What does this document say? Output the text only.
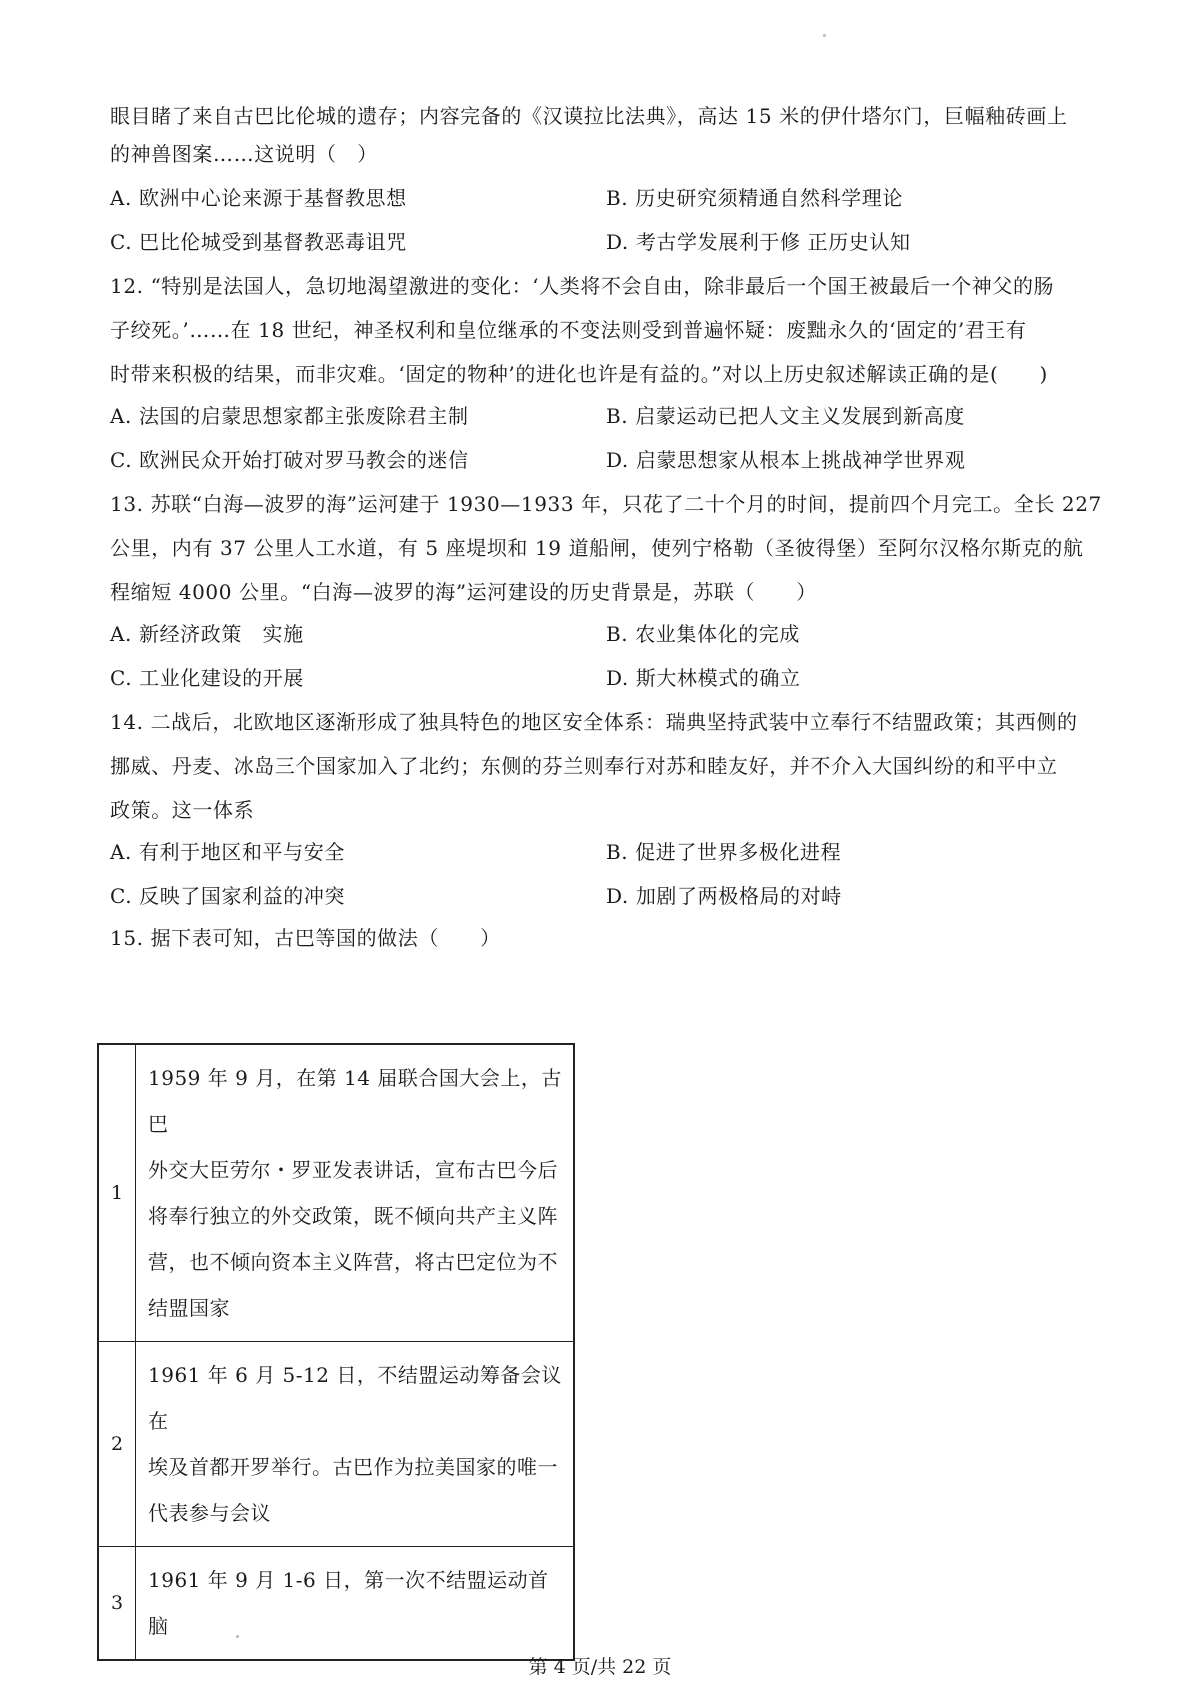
眼目睹了来自古巴比伦城的遗存；内容完备的《汉谟拉比法典》，高达 15 米的伊什塔尔门，巨幅釉砖画上
的神兽图案……这说明（　）
A. 欧洲中心论来源于基督教思想	B. 历史研究须精通自然科学理论
C. 巴比伦城受到基督教恶毒诅咒	D. 考古学发展利于修 正历史认知
12. “特别是法国人，急切地渴望激进的变化：‘人类将不会自由，除非最后一个国王被最后一个神父的肠
子绞死。’……在 18 世纪，神圣权利和皇位继承的不变法则受到普遍怀疑：废黜永久的‘固定的’君王有
时带来积极的结果，而非灾难。‘固定的物种’的进化也许是有益的。”对以上历史叙述解读正确的是(　　)
A. 法国的启蒙思想家都主张废除君主制	B. 启蒙运动已把人文主义发展到新高度
C. 欧洲民众开始打破对罗马教会的迷信	D. 启蒙思想家从根本上挑战神学世界观
13. 苏联“白海—波罗的海”运河建于 1930—1933 年，只花了二十个月的时间，提前四个月完工。全长 227
公里，内有 37 公里人工水道，有 5 座堤坝和 19 道船闸，使列宁格勒（圣彼得堡）至阿尔汉格尔斯克的航
程缩短 4000 公里。“白海—波罗的海”运河建设的历史背景是，苏联（　　）
A. 新经济政策　实施	B. 农业集体化的完成
C. 工业化建设的开展	D. 斯大林模式的确立
14. 二战后，北欧地区逐渐形成了独具特色的地区安全体系：瑞典坚持武装中立奉行不结盟政策；其西侧的
挪威、丹麦、冰岛三个国家加入了北约；东侧的芬兰则奉行对苏和睦友好，并不介入大国纠纷的和平中立
政策。这一体系
A. 有利于地区和平与安全	B. 促进了世界多极化进程
C. 反映了国家利益的冲突	D. 加剧了两极格局的对峙
15. 据下表可知，古巴等国的做法（　　）
1	1959 年 9 月，在第 14 届联合国大会上，古巴
外交大臣劳尔・罗亚发表讲话，宣布古巴今后
将奉行独立的外交政策，既不倾向共产主义阵
营，也不倾向资本主义阵营，将古巴定位为不
结盟国家

2	1961 年 6 月 5-12 日，不结盟运动筹备会议在
埃及首都开罗举行。古巴作为拉美国家的唯一
代表参与会议

3	1961 年 9 月 1-6 日，第一次不结盟运动首脑
第 4 页/共 22 页
